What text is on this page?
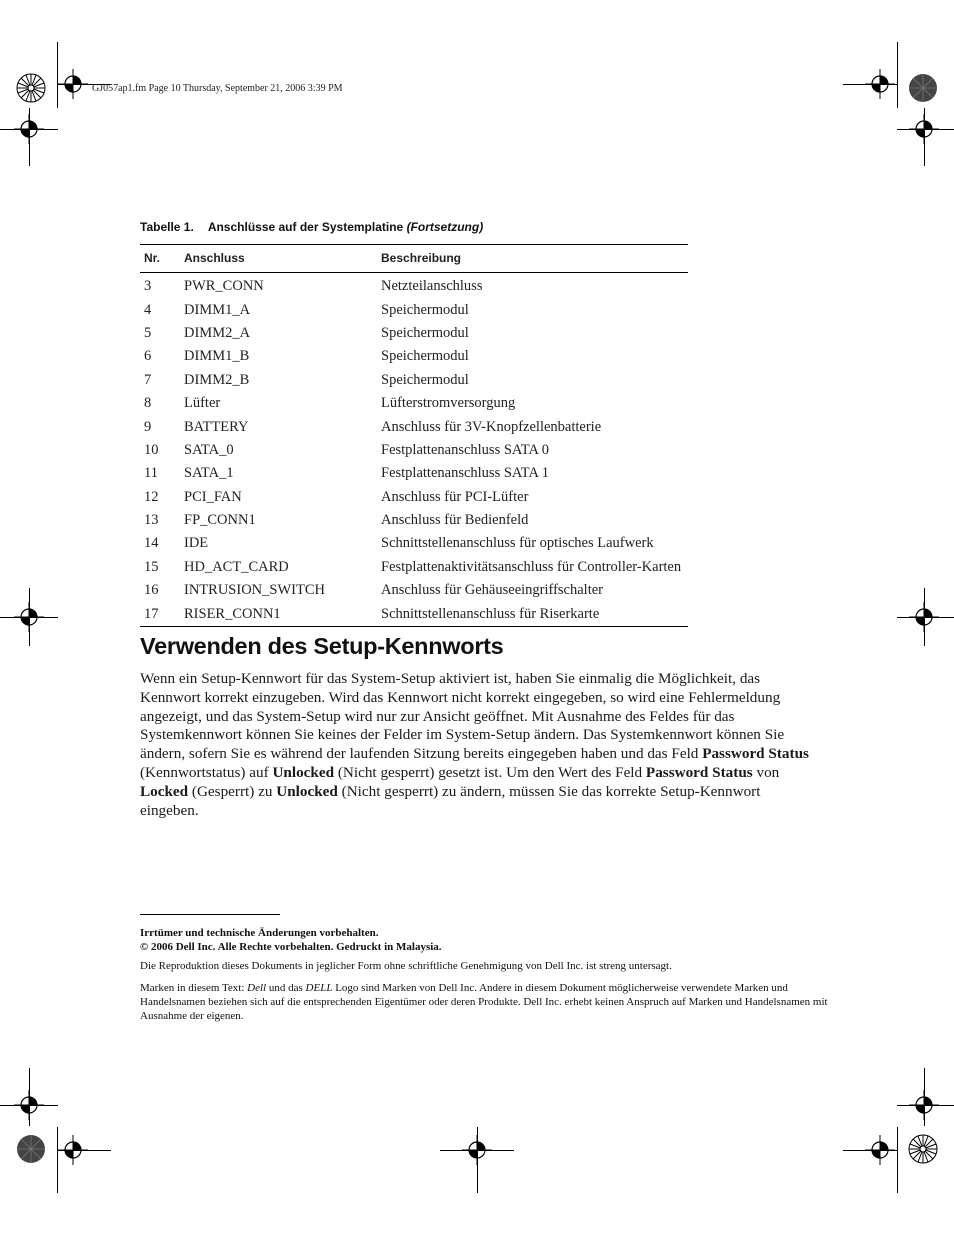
GJ057ap1.fm Page 10 Thursday, September 21, 2006 3:39 PM
Tabelle 1. Anschlüsse auf der Systemplatine (Fortsetzung)
Nr.	Anschluss	Beschreibung
3	PWR_CONN	Netzteilanschluss
4	DIMM1_A	Speichermodul
5	DIMM2_A	Speichermodul
6	DIMM1_B	Speichermodul
7	DIMM2_B	Speichermodul
8	Lüfter	Lüfterstromversorgung
9	BATTERY	Anschluss für 3V-Knopfzellenbatterie
10	SATA_0	Festplattenanschluss SATA 0
11	SATA_1	Festplattenanschluss SATA 1
12	PCI_FAN	Anschluss für PCI-Lüfter
13	FP_CONN1	Anschluss für Bedienfeld
14	IDE	Schnittstellenanschluss für optisches Laufwerk
15	HD_ACT_CARD	Festplattenaktivitätsanschluss für Controller-Karten
16	INTRUSION_SWITCH	Anschluss für Gehäuseeingriffschalter
17	RISER_CONN1	Schnittstellenanschluss für Riserkarte
Verwenden des Setup-Kennworts

Wenn ein Setup-Kennwort für das System-Setup aktiviert ist, haben Sie einmalig die Möglichkeit, das Kennwort korrekt einzugeben. Wird das Kennwort nicht korrekt eingegeben, so wird eine Fehlermeldung angezeigt, und das System-Setup wird nur zur Ansicht geöffnet. Mit Ausnahme des Feldes für das Systemkennwort können Sie keines der Felder im System-Setup ändern. Das Systemkennwort können Sie ändern, sofern Sie es während der laufenden Sitzung bereits eingegeben haben und das Feld Password Status (Kennwortstatus) auf Unlocked (Nicht gesperrt) gesetzt ist. Um den Wert des Feld Password Status von Locked (Gesperrt) zu Unlocked (Nicht gesperrt) zu ändern, müssen Sie das korrekte Setup-Kennwort eingeben.

Irrtümer und technische Änderungen vorbehalten.
© 2006 Dell Inc. Alle Rechte vorbehalten. Gedruckt in Malaysia.
Die Reproduktion dieses Dokuments in jeglicher Form ohne schriftliche Genehmigung von Dell Inc. ist streng untersagt.
Marken in diesem Text: Dell und das DELL Logo sind Marken von Dell Inc. Andere in diesem Dokument möglicherweise verwendete Marken und Handelsnamen beziehen sich auf die entsprechenden Eigentümer oder deren Produkte. Dell Inc. erhebt keinen Anspruch auf Marken und Handelsnamen mit Ausnahme der eigenen.
